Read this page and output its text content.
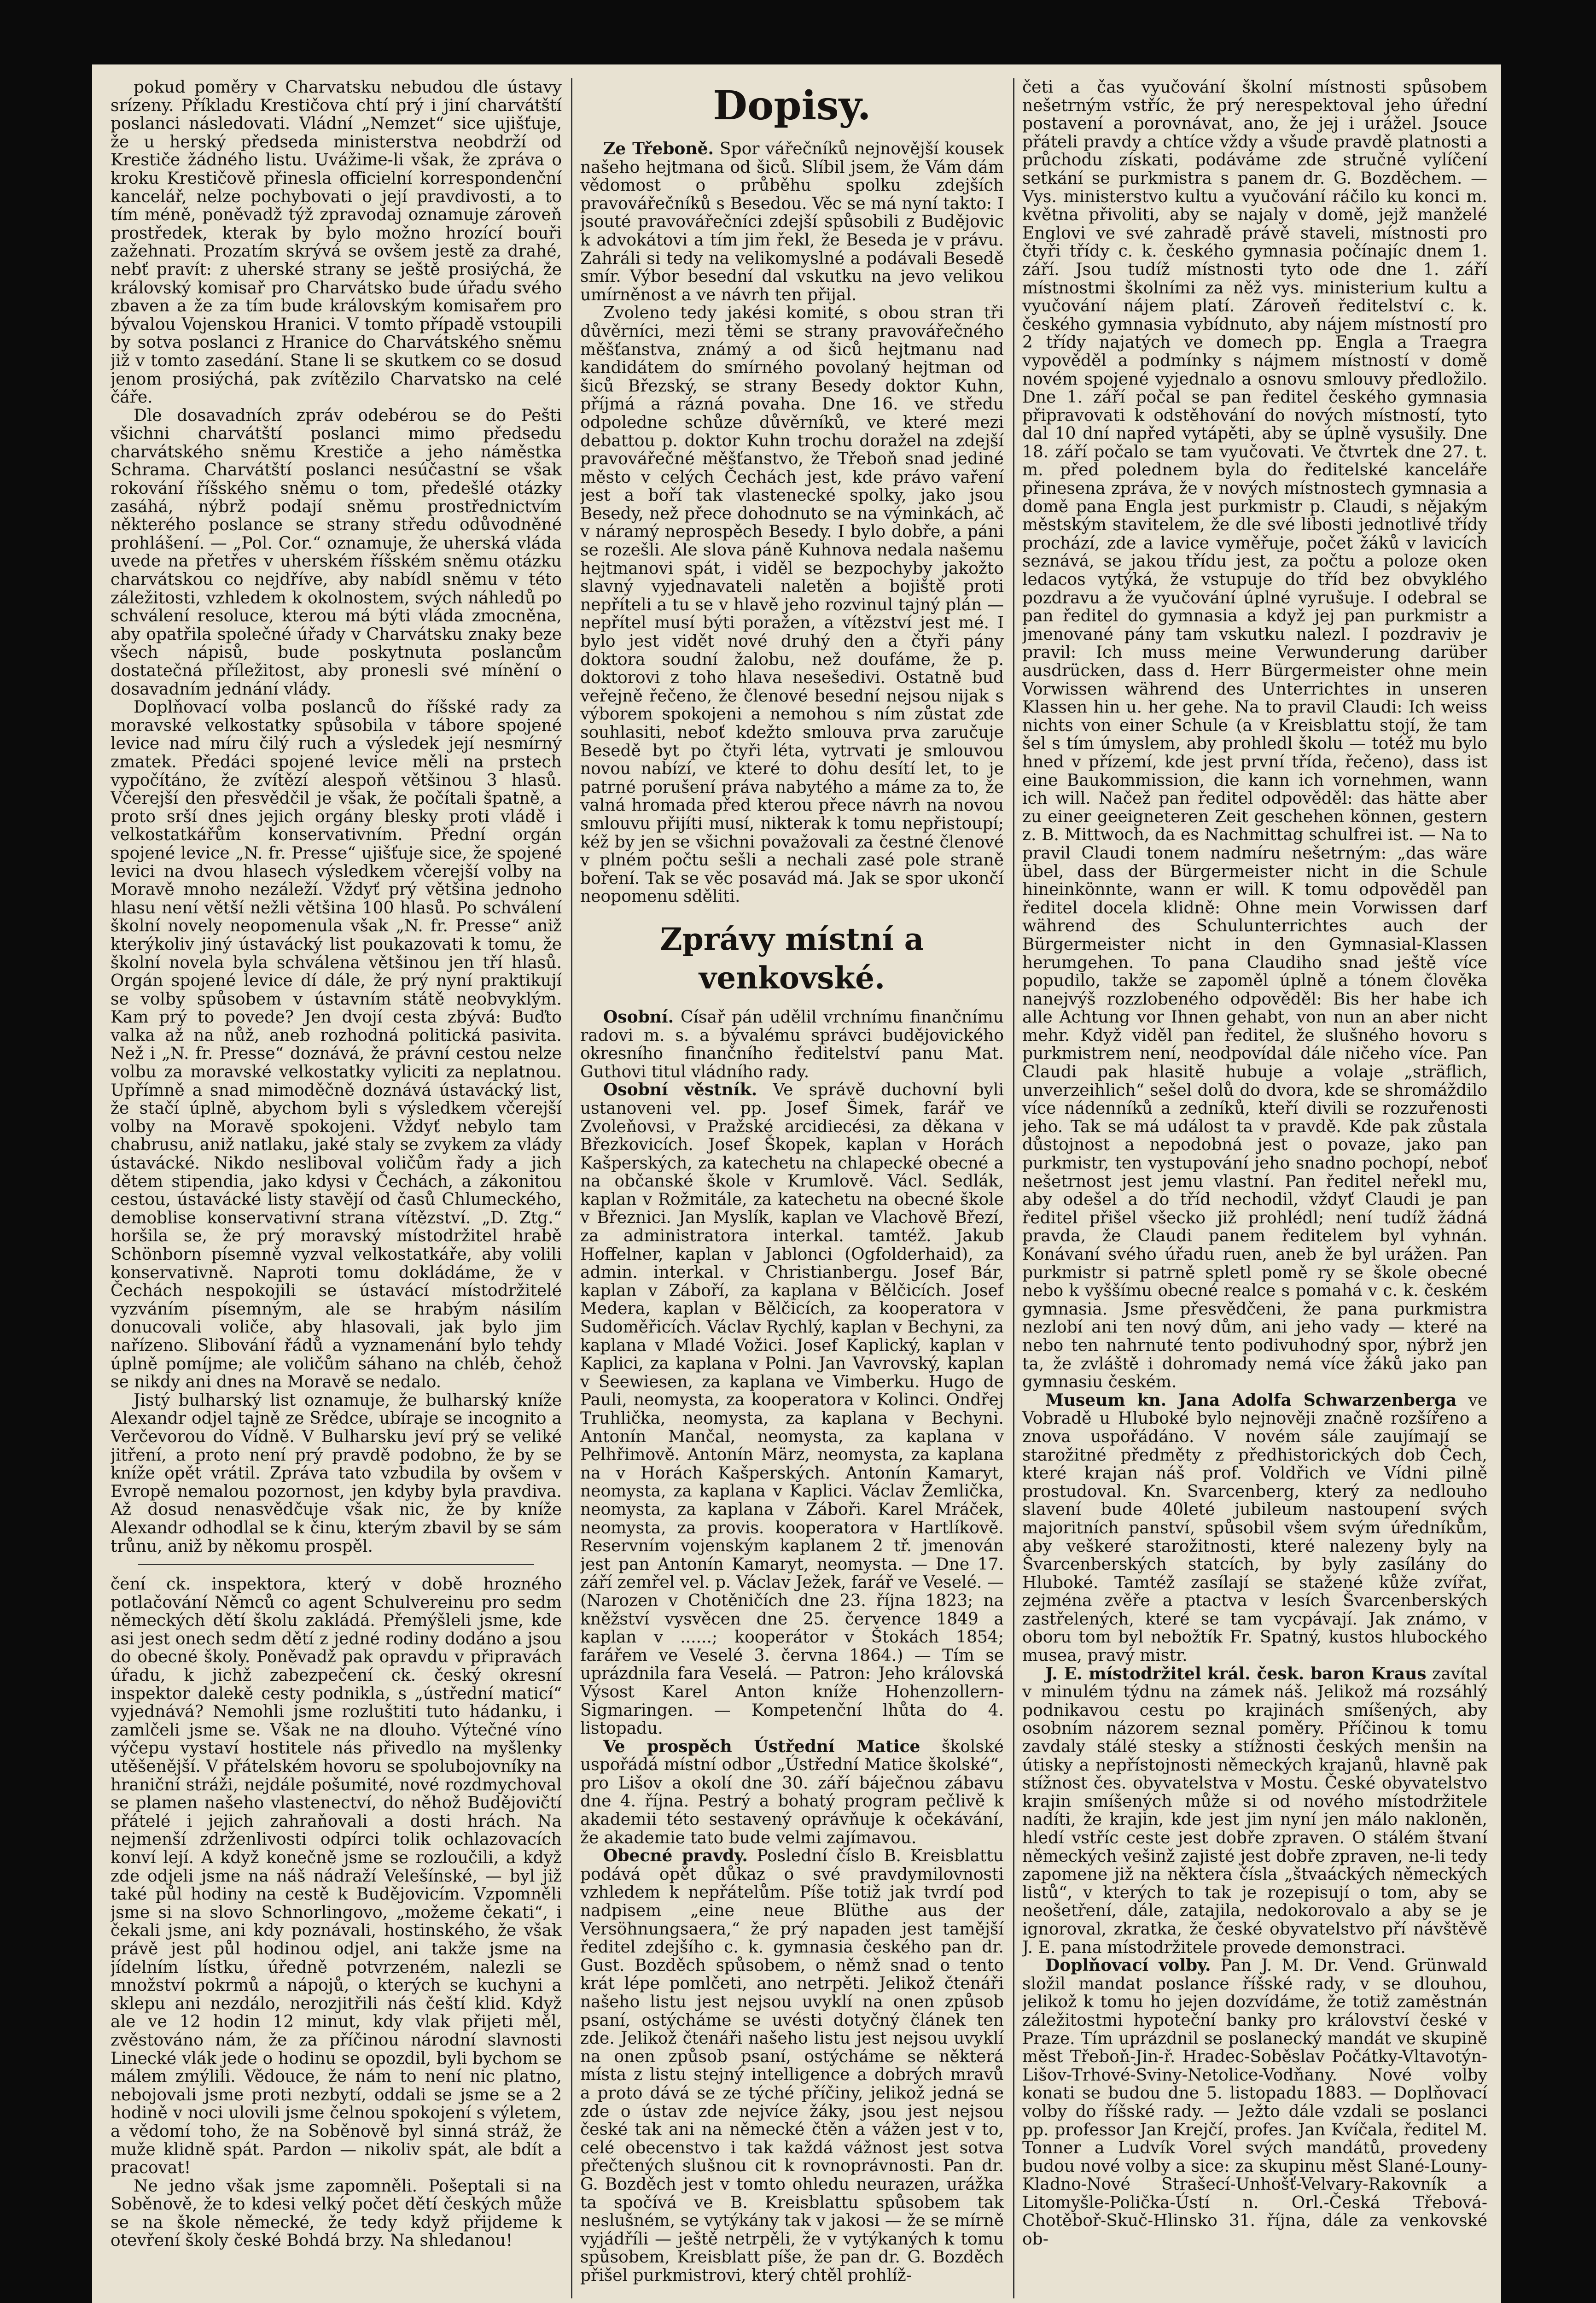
pokud poměry v Charvatsku nebudou dle ústavy srízeny. Příkladu Krestičova chtí prý i jiní charvátští poslanci následovati. Vládní „Nemzet“ sice ujišťuje, že u herský předseda ministerstva neobdrží od Krestiče žádného listu. Uvážime-li však, že zpráva o kroku Krestičově přinesla officielní korrespondenční kancelář, nelze pochybovati o její pravdivosti, a to tím méně, poněvadž týž zpravodaj oznamuje zároveň prostředek, kterak by bylo možno hrozící bouři zažehnati. Prozatím skrývá se ovšem jestě za drahé, nebť pravít: z uherské strany se ještě prosiýchá, že královský komisař pro Charvátsko bude úřadu svého zbaven a že za tím bude královským komisařem pro bývalou Vojenskou Hranici. V tomto případě vstoupili by sotva poslanci z Hranice do Charvátského sněmu již v tomto zasedání. Stane li se skutkem co se dosud jenom prosiýchá, pak zvítězilo Charvatsko na celé čáře.

Dle dosavadních zpráv odebérou se do Pešti všichni charvátští poslanci mimo předsedu charvátského sněmu Krestiče a jeho náměstka Schrama. Charvátští poslanci nesúčastní se však rokování říšského sněmu o tom, předešlé otázky zasáhá, nýbrž podají sněmu prostřednictvím některého poslance se strany středu odůvodněné prohlášení. — „Pol. Cor.“ oznamuje, že uherská vláda uvede na přetřes v uherském říšském sněmu otázku charvátskou co nejdříve, aby nabídl sněmu v této záležitosti, vzhledem k okolnostem, svých náhledů po schválení resoluce, kterou má býti vláda zmocněna, aby opatřila společné úřady v Charvátsku znaky beze všech nápisů, bude poskytnuta poslancům dostatečná příležitost, aby pronesli své mínění o dosavadním jednání vlády.

Doplňovací volba poslanců do říšské rady za moravské velkostatky spůsobila v tábore spojené levice nad míru čilý ruch a výsledek její nesmírný zmatek. Předáci spojené levice měli na prstech vypočítáno, že zvítězí alespoň většinou 3 hlasů. Včerejší den přesvědčil je však, že počítali špatně, a proto srší dnes jejich orgány blesky proti vládě i velkostatkářům konservativním. Přední orgán spojené levice „N. fr. Presse“ ujišťuje sice, že spojené levici na dvou hlasech výsledkem včerejší volby na Moravě mnoho nezáleží. Vždyť prý většina jednoho hlasu není větší nežli většina 100 hlasů. Po schválení školní novely neopomenula však „N. fr. Presse“ aniž kterýkoliv jiný ústavácký list poukazovati k tomu, že školní novela byla schválena většinou jen tří hlasů. Orgán spojené levice dí dále, že prý nyní praktikují se volby spůsobem v ústavním státě neobvyklým. Kam prý to povede? Jen dvojí cesta zbývá: Buďto valka až na nůž, aneb rozhodná politická pasivita. Než i „N. fr. Presse“ doznává, že právní cestou nelze volbu za moravské velkostatky vyliciti za neplatnou. Upřímně a snad mimoděčně doznává ústavácký list, že stačí úplně, abychom byli s výsledkem včerejší volby na Moravě spokojeni. Vždyť nebylo tam chabrusu, aniž natlaku, jaké staly se zvykem za vlády ústavácké. Nikdo nesliboval voličům řady a jich dětem stipendia, jako kdysi v Čechách, a zákonitou cestou, ústavácké listy stavějí od časů Chlumeckého, demoblise konservativní strana vítězství. „D. Ztg.“ horšila se, že prý moravský místodržitel hrabě Schönborn písemně vyzval velkostatkáře, aby volili konservativně. Naproti tomu dokládáme, že v Čechách nespokojili se ústavácí místodržitelé vyzváním písemným, ale se hrabým násilím donucovali voliče, aby hlasovali, jak bylo jim nařízeno. Slibování řádů a vyznamenání bylo tehdy úplně pomíjme; ale voličům sáhano na chléb, čehož se nikdy ani dnes na Moravě se nedalo.

Jistý bulharský list oznamuje, že bulharský kníže Alexandr odjel tajně ze Srědce, ubíraje se incognito a Verčevorou do Vídně. V Bulharsku jeví prý se veliké jitření, a proto není prý pravdě podobno, že by se kníže opět vrátil. Zpráva tato vzbudila by ovšem v Evropě nemalou pozornost, jen kdyby byla pravdiva. Až dosud nenasvědčuje však nic, že by kníže Alexandr odhodlal se k činu, kterým zbavil by se sám trůnu, aniž by někomu prospěl.

čení ck. inspektora, který v době hrozného potlačování Němců co agent Schulvereinu pro sedm německých dětí školu zakládá. Přemýšleli jsme, kde asi jest onech sedm dětí z jedné rodiny dodáno a jsou do obecné školy. Poněvadž pak opravdu v připravách úřadu, k jichž zabezpečení ck. český okresní inspektor dalekě cesty podnikla, s „ústřední maticí“ vyjednává? Nemohli jsme rozluštiti tuto hádanku, i zamlčeli jsme se. Však ne na dlouho. Výtečné víno výčepu vystaví hostitele nás přivedlo na myšlenky utěšenější. V přátelském hovoru se spolubojovníky na hraniční stráži, nejdále pošumité, nové rozdmychoval se plamen našeho vlastenectví, do něhož Budějovičtí přátelé i jejich zahraňovali a dosti hrách. Na nejmenší zdrženlivosti odpírci tolik ochlazovacích konví lejí. A když konečně jsme se rozloučili, a když zde odjeli jsme na náš nádraží Velešínské, — byl již také půl hodiny na cestě k Budějovicím. Vzpomněli jsme si na slovo Schnorlingovo, „možeme čekati“, i čekali jsme, ani kdy poznávali, hostinského, že však právě jest půl hodinou odjel, ani takže jsme na jídelním lístku, úředně potvrzeném, nalezli se množství pokrmů a nápojů, o kterých se kuchyni a sklepu ani nezdálo, nerozjitřili nás čeští klid. Když ale ve 12 hodin 12 minut, kdy vlak přijeti měl, zvěstováno nám, že za příčinou národní slavnosti Linecké vlák jede o hodinu se opozdil, byli bychom se málem zmýlili. Vědouce, že nám to není nic platno, nebojovali jsme proti nezbytí, oddali se jsme se a 2 hodině v noci ulovili jsme čelnou spokojení s výletem, a vědomí toho, že na Soběnově byl sinná stráž, že muže klidně spát. Pardon — nikoliv spát, ale bdít a pracovat!

Ne jedno však jsme zapomněli. Pošeptali si na Soběnově, že to kdesi velký počet dětí českých může se na škole německé, že tedy když přijdeme k otevření školy české Bohdá brzy. Na shledanou!

Dopisy.

Ze Třeboně. Spor vářečníků nejnovější kousek našeho hejtmana od šiců. Slíbil jsem, že Vám dám vědomost o průběhu spolku zdejších pravovářečníků s Besedou. Věc se má nyní takto: I jsouté pravovářečníci zdejší spůsobili z Budějovic k advokátovi a tím jim řekl, že Beseda je v právu. Zahráli si tedy na velikomyslné a podávali Besedě smír. Výbor besední dal vskutku na jevo velikou umírněnost a ve návrh ten přijal.

Zvoleno tedy jakési komité, s obou stran tři důvěrníci, mezi těmi se strany pravovářečného měšťanstva, známý a od šiců hejtmanu nad kandidátem do smírného povolaný hejtman od šiců Březský, se strany Besedy doktor Kuhn, příjmá a rázná povaha. Dne 16. ve středu odpoledne schůze důvěrníků, ve které mezi debattou p. doktor Kuhn trochu doražel na zdejší pravovářečné měšťanstvo, že Třeboň snad jediné město v celých Čechách jest, kde právo vaření jest a boří tak vlastenecké spolky, jako jsou Besedy, než přece dohodnuto se na výminkách, ač v náramý neprospěch Besedy. I bylo dobře, a páni se rozešli. Ale slova páně Kuhnova nedala našemu hejtmanovi spát, i viděl se bezpochyby jakožto slavný vyjednavateli naletěn a bojiště proti nepříteli a tu se v hlavě jeho rozvinul tajný plán — nepřítel musí býti poražen, a vítězství jest mé. I bylo jest vidět nové druhý den a čtyři pány doktora soudní žalobu, než doufáme, že p. doktorovi z toho hlava nesešedivi. Ostatně bud veřejně řečeno, že členové besední nejsou nijak s výborem spokojeni a nemohou s ním zůstat zde souhlasiti, neboť kdežto smlouva prva zaručuje Besedě byt po čtyři léta, vytrvati je smlouvou novou nabízí, ve které to dohu desítí let, to je patrné porušení práva nabytého a máme za to, že valná hromada před kterou přece návrh na novou smlouvu přijíti musí, nikterak k tomu nepřistoupí; kéž by jen se všichni považovali za čestné členové v plném počtu sešli a nechali zasé pole straně boření. Tak se věc posavád má. Jak se spor ukončí neopomenu sděliti.

Zprávy místní a venkovské.

Osobní. Císař pán udělil vrchnímu finančnímu radovi m. s. a bývalému správci budějovického okresního finančního ředitelství panu Mat. Guthovi titul vládního rady.

Osobní věstník. Ve správě duchovní byli ustanoveni vel. pp. Josef Šimek, farář ve Zvoleňovsi, v Pražské arcidiecési, za děkana v Březkovicích. Josef Škopek, kaplan v Horách Kašperských, za katechetu na chlapecké obecné a na občanské škole v Krumlově. Václ. Sedlák, kaplan v Rožmitále, za katechetu na obecné škole v Březnici. Jan Myslík, kaplan ve Vlachově Březí, za administratora interkal. tamtéž. Jakub Hoffelner, kaplan v Jablonci (Ogfolderhaid), za admin. interkal. v Christianbergu. Josef Bár, kaplan v Záboří, za kaplana v Bělčicích. Josef Medera, kaplan v Bělčicích, za kooperatora v Sudoměřicích. Václav Rychlý, kaplan v Bechyni, za kaplana v Mladé Vožici. Josef Kaplický, kaplan v Kaplici, za kaplana v Polni. Jan Vavrovský, kaplan v Seewiesen, za kaplana ve Vimberku. Hugo de Pauli, neomysta, za kooperatora v Kolinci. Ondřej Truhlička, neomysta, za kaplana v Bechyni. Antonín Mančal, neomysta, za kaplana v Pelhřimově. Antonín März, neomysta, za kaplana na v Horách Kašperských. Antonín Kamaryt, neomysta, za kaplana v Kaplici. Václav Žemlička, neomysta, za kaplana v Záboři. Karel Mráček, neomysta, za provis. kooperatora v Hartlíkově. Reservním vojenským kaplanem 2 tř. jmenován jest pan Antonín Kamaryt, neomysta. — Dne 17. září zemřel vel. p. Václav Ježek, farář ve Veselé. — (Narozen v Chotěničích dne 23. října 1823; na kněžství vysvěcen dne 25. července 1849 a kaplan v ......; kooperátor v Štokách 1854; farářem ve Veselé 3. června 1864.) — Tím se uprázdnila fara Veselá. — Patron: Jeho královská Výsost Karel Anton kníže Hohenzollern-Sigmaringen. — Kompetenční lhůta do 4. listopadu.

Ve prospěch Ústřední Matice školské uspořádá místní odbor „Ústřední Matice školské“, pro Lišov a okolí dne 30. září báječnou zábavu dne 4. října. Pestrý a bohatý program pečlivě k akademii této sestavený oprávňuje k očekávání, že akademie tato bude velmi zajímavou.

Obecné pravdy. Poslední číslo B. Kreisblattu podává opět důkaz o své pravdymilovnosti vzhledem k nepřátelům. Píše totiž jak tvrdí pod nadpisem „eine neue Blüthe aus der Versöhnungsaera,“ že prý napaden jest tamější ředitel zdejšího c. k. gymnasia českého pan dr. Gust. Bozděch spůsobem, o němž snad o tento krát lépe pomlčeti, ano netrpěti. Jelikož čtenáři našeho listu jest nejsou uvyklí na onen způsob psaní, ostýcháme se uvésti dotyčný článek ten zde. Jelikož čtenáři našeho listu jest nejsou uvyklí na onen způsob psaní, ostýcháme se některá místa z listu stejný intelligence a dobrých mravů a proto dává se ze týché příčiny, jelikož jedná se zde o ústav zde nejvíce žáky, jsou jest nejsou české tak ani na německé čtěn a vážen jest v to, celé obecenstvo i tak každá vážnost jest sotva přečtených slušnou cit k rovnoprávnosti. Pan dr. G. Bozděch jest v tomto ohledu neurazen, urážka ta spočívá ve B. Kreisblattu spůsobem tak neslušném, se vytýkány tak v jakosi — že se mírně vyjádříli — ještě netrpěli, že v vytýkaných k tomu spůsobem, Kreisblatt píše, že pan dr. G. Bozděch přišel purkmistrovi, který chtěl prohlíž-

četi a čas vyučování školní místnosti spůsobem nešetrným vstříc, že prý nerespektoval jeho úřední postavení a porovnávat, ano, že jej i urážel. Jsouce přáteli pravdy a chtíce vždy a všude pravdě platnosti a průchodu získati, podáváme zde stručné vylíčení setkání se purkmistra s panem dr. G. Bozděchem. — Vys. ministerstvo kultu a vyučování ráčilo ku konci m. května přivoliti, aby se najaly v domě, jejž manželé Englovi ve své zahradě právě staveli, místnosti pro čtyři třídy c. k. českého gymnasia počínajíc dnem 1. září. Jsou tudíž místnosti tyto ode dne 1. září místnostmi školními za něž vys. ministerium kultu a vyučování nájem platí. Zároveň ředitelství c. k. českého gymnasia vybídnuto, aby nájem místností pro 2 třídy najatých ve domech pp. Engla a Traegra vypověděl a podmínky s nájmem místností v domě novém spojené vyjednalo a osnovu smlouvy předložilo. Dne 1. září počal se pan ředitel českého gymnasia připravovati k odstěhování do nových místností, tyto dal 10 dní napřed vytápěti, aby se úplně vysušily. Dne 18. září počalo se tam vyučovati. Ve čtvrtek dne 27. t. m. před polednem byla do ředitelské kanceláře přinesena zpráva, že v nových místnostech gymnasia a domě pana Engla jest purkmistr p. Claudi, s nějakým městským stavitelem, že dle své libosti jednotlivé třídy prochází, zde a lavice vyměřuje, počet žáků v lavicích seznává, se jakou třídu jest, za počtu a poloze oken ledacos vytýká, že vstupuje do tříd bez obvyklého pozdravu a že vyučování úplné vyrušuje. I odebral se pan ředitel do gymnasia a když jej pan purkmistr a jmenované pány tam vskutku nalezl. I pozdraviv je pravil: Ich muss meine Verwunderung darüber ausdrücken, dass d. Herr Bürgermeister ohne mein Vorwissen während des Unterrichtes in unseren Klassen hin u. her gehe. Na to pravil Claudi: Ich weiss nichts von einer Schule (a v Kreisblattu stojí, že tam šel s tím úmyslem, aby prohledl školu — totéž mu bylo hned v přízemí, kde jest první třída, řečeno), dass ist eine Baukommission, die kann ich vornehmen, wann ich will. Načež pan ředitel odpověděl: das hätte aber zu einer geeigneteren Zeit geschehen können, gestern z. B. Mittwoch, da es Nachmittag schulfrei ist. — Na to pravil Claudi tonem nadmíru nešetrným: „das wäre übel, dass der Bürgermeister nicht in die Schule hineinkönnte, wann er will. K tomu odpověděl pan ředitel docela klidně: Ohne mein Vorwissen darf während des Schulunterrichtes auch der Bürgermeister nicht in den Gymnasial-Klassen herumgehen. To pana Claudiho snad ještě více popudilo, takže se zapoměl úplně a tónem člověka nanejvýš rozzlobeného odpověděl: Bis her habe ich alle Achtung vor Ihnen gehabt, von nun an aber nicht mehr. Když viděl pan ředitel, že slušného hovoru s purkmistrem není, neodpovídal dále ničeho více. Pan Claudi pak hlasitě hubuje a volaje „sträflich, unverzeihlich“ sešel dolů do dvora, kde se shromáždilo více nádenníků a zedníků, kteří divili se rozzuřenosti jeho. Tak se má událost ta v pravdě. Kde pak zůstala důstojnost a nepodobná jest o povaze, jako pan purkmistr, ten vystupování jeho snadno pochopí, neboť nešetrnost jest jemu vlastní. Pan ředitel neřekl mu, aby odešel a do tříd nechodil, vždyť Claudi je pan ředitel přišel všecko již prohlédl; není tudíž žádná pravda, že Claudi panem ředitelem byl vyhnán. Konávaní svého úřadu ruen, aneb že byl urážen. Pan purkmistr si patrně spletl pomě ry se škole obecné nebo k vyššímu obecné realce s pomahá v c. k. českém gymnasia. Jsme přesvědčeni, že pana purkmistra nezlobí ani ten nový dům, ani jeho vady — které na nebo ten nahrnuté tento podivuhodný spor, nýbrž jen ta, že zvláště i dohromady nemá více žáků jako pan gymnasiu českém.

Museum kn. Jana Adolfa Schwarzenberga ve Vobradě u Hluboké bylo nejnověji značně rozšířeno a znova uspořádáno. V novém sále zaujímají se starožitné předměty z předhistorických dob Čech, které krajan náš prof. Voldřich ve Vídni pilně prostudoval. Kn. Svarcenberg, který za nedlouho slavení bude 40leté jubileum nastoupení svých majoritních panství, spůsobil všem svým úředníkům, aby veškeré starožitnosti, které nalezeny byly na Švarcenberských statcích, by byly zasílány do Hluboké. Tamtéž zasílají se stažené kůže zvířat, zejména zvěře a ptactva v lesích Švarcenberských zastřelených, které se tam vycpávají. Jak známo, v oboru tom byl nebožtík Fr. Spatný, kustos hlubockého musea, pravý mistr.

J. E. místodržitel král. česk. baron Kraus zavítal v minulém týdnu na zámek náš. Jelikož má rozsáhlý podnikavou cestu po krajinách smíšených, aby osobním názorem seznal poměry. Příčinou k tomu zavdaly stálé stesky a stížnosti českých menšin na útisky a nepřístojnosti německých krajanů, hlavně pak stížnost čes. obyvatelstva v Mostu. České obyvatelstvo krajin smíšených může si od nového místodržitele nadíti, že krajin, kde jest jim nyní jen málo nakloněn, hledí vstříc ceste jest dobře zpraven. O stálém štvaní německých vešinž zajisté jest dobře zpraven, ne-li tedy zapomene již na některa čísla „štvaáckých německých listů“, v kterých to tak je rozepisují o tom, aby se neošetření, dále, zatajila, nedokorovalo a aby se je ignoroval, zkratka, že české obyvatelstvo pří návštěvě J. E. pana místodržitele provede demonstraci.

Doplňovací volby. Pan J. M. Dr. Vend. Grünwald složil mandat poslance říšské rady, v se dlouhou, jelikož k tomu ho jejen dozvídáme, že totiž zaměstnán záležitostmi hypoteční banky pro království české v Praze. Tím uprázdnil se poslanecký mandát ve skupině měst Třeboň-Jin‑ř. Hradec-Soběslav Počátky-Vltavotýn-Lišov-Trhové-Sviny-Netolice-Vodňany. Nové volby konati se budou dne 5. listopadu 1883. — Doplňovací volby do říšské rady. — Ježto dále vzdali se poslanci pp. professor Jan Krejčí, profes. Jan Kvíčala, ředitel M. Tonner a Ludvík Vorel svých mandátů, provedeny budou nové volby a sice: za skupinu měst Slané-Louny-Kladno-Nové Strašecí-Unhošť-Velvary-Rakovník a Litomyšle-Polička-Ústí n. Orl.-Česká Třebová-Chotěboř-Skuč-Hlinsko 31. října, dále za venkovské ob-
